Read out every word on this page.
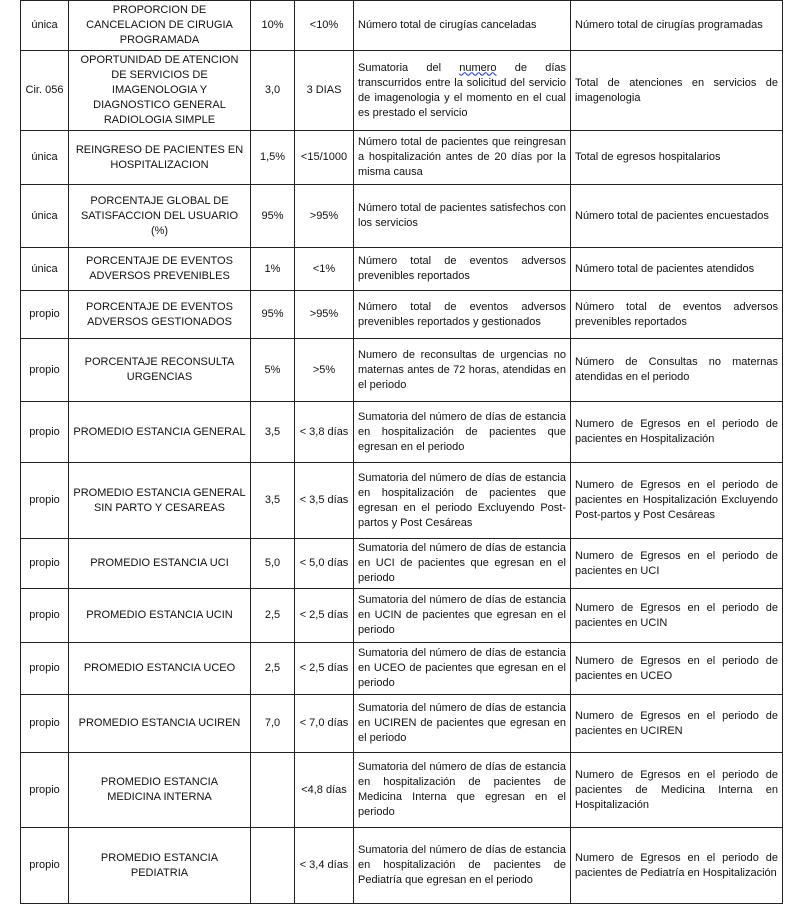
única	PROPORCION DE CANCELACION DE CIRUGIA PROGRAMADA	10%	<10%	Número total de cirugías canceladas	Número total de cirugías programadas
Cir. 056	OPORTUNIDAD DE ATENCION DE SERVICIOS DE IMAGENOLOGIA Y DIAGNOSTICO GENERAL RADIOLOGIA SIMPLE	3,0	3 DIAS	Sumatoria del numero de días transcurridos entre la solicitud del servicio de imagenologia y el momento en el cual es prestado el servicio	Total de atenciones en servicios de imagenologia
única	REINGRESO DE PACIENTES EN HOSPITALIZACION	1,5%	<15/1000	Número total de pacientes que reingresan a hospitalización antes de 20 días por la misma causa	Total de egresos hospitalarios
única	PORCENTAJE GLOBAL DE SATISFACCION DEL USUARIO (%)	95%	>95%	Número total de pacientes satisfechos con los servicios	Número total de pacientes encuestados
única	PORCENTAJE DE EVENTOS ADVERSOS PREVENIBLES	1%	<1%	Número total de eventos adversos prevenibles reportados	Número total de pacientes atendidos
propio	PORCENTAJE DE EVENTOS ADVERSOS GESTIONADOS	95%	>95%	Número total de eventos adversos prevenibles reportados y gestionados	Número total de eventos adversos prevenibles reportados
propio	PORCENTAJE RECONSULTA URGENCIAS	5%	>5%	Numero de reconsultas de urgencias no maternas antes de 72 horas, atendidas en el periodo	Número de Consultas no maternas atendidas en el periodo
propio	PROMEDIO ESTANCIA GENERAL	3,5	< 3,8 días	Sumatoria del número de días de estancia en hospitalización de pacientes que egresan en el periodo	Numero de Egresos en el periodo de pacientes en Hospitalización
propio	PROMEDIO ESTANCIA GENERAL SIN PARTO Y CESAREAS	3,5	< 3,5 días	Sumatoria del número de días de estancia en hospitalización de pacientes que egresan en el periodo Excluyendo Post-partos y Post Cesáreas	Numero de Egresos en el periodo de pacientes en Hospitalización Excluyendo Post-partos y Post Cesáreas
propio	PROMEDIO ESTANCIA UCI	5,0	< 5,0 días	Sumatoria del número de días de estancia en UCI de pacientes que egresan en el periodo	Numero de Egresos en el periodo de pacientes en UCI
propio	PROMEDIO ESTANCIA UCIN	2,5	< 2,5 días	Sumatoria del número de días de estancia en UCIN de pacientes que egresan en el periodo	Numero de Egresos en el periodo de pacientes en UCIN
propio	PROMEDIO ESTANCIA UCEO	2,5	< 2,5 días	Sumatoria del número de días de estancia en UCEO de pacientes que egresan en el periodo	Numero de Egresos en el periodo de pacientes en UCEO
propio	PROMEDIO ESTANCIA UCIREN	7,0	< 7,0 días	Sumatoria del número de días de estancia en UCIREN de pacientes que egresan en el periodo	Numero de Egresos en el periodo de pacientes en UCIREN
propio	PROMEDIO ESTANCIA MEDICINA INTERNA		<4,8 días	Sumatoria del número de días de estancia en hospitalización de pacientes de Medicina Interna que egresan en el periodo	Numero de Egresos en el periodo de pacientes de Medicina Interna en Hospitalización
propio	PROMEDIO ESTANCIA PEDIATRIA		< 3,4 días	Sumatoria del número de días de estancia en hospitalización de pacientes de Pediatría que egresan en el periodo	Numero de Egresos en el periodo de pacientes de Pediatría en Hospitalización
